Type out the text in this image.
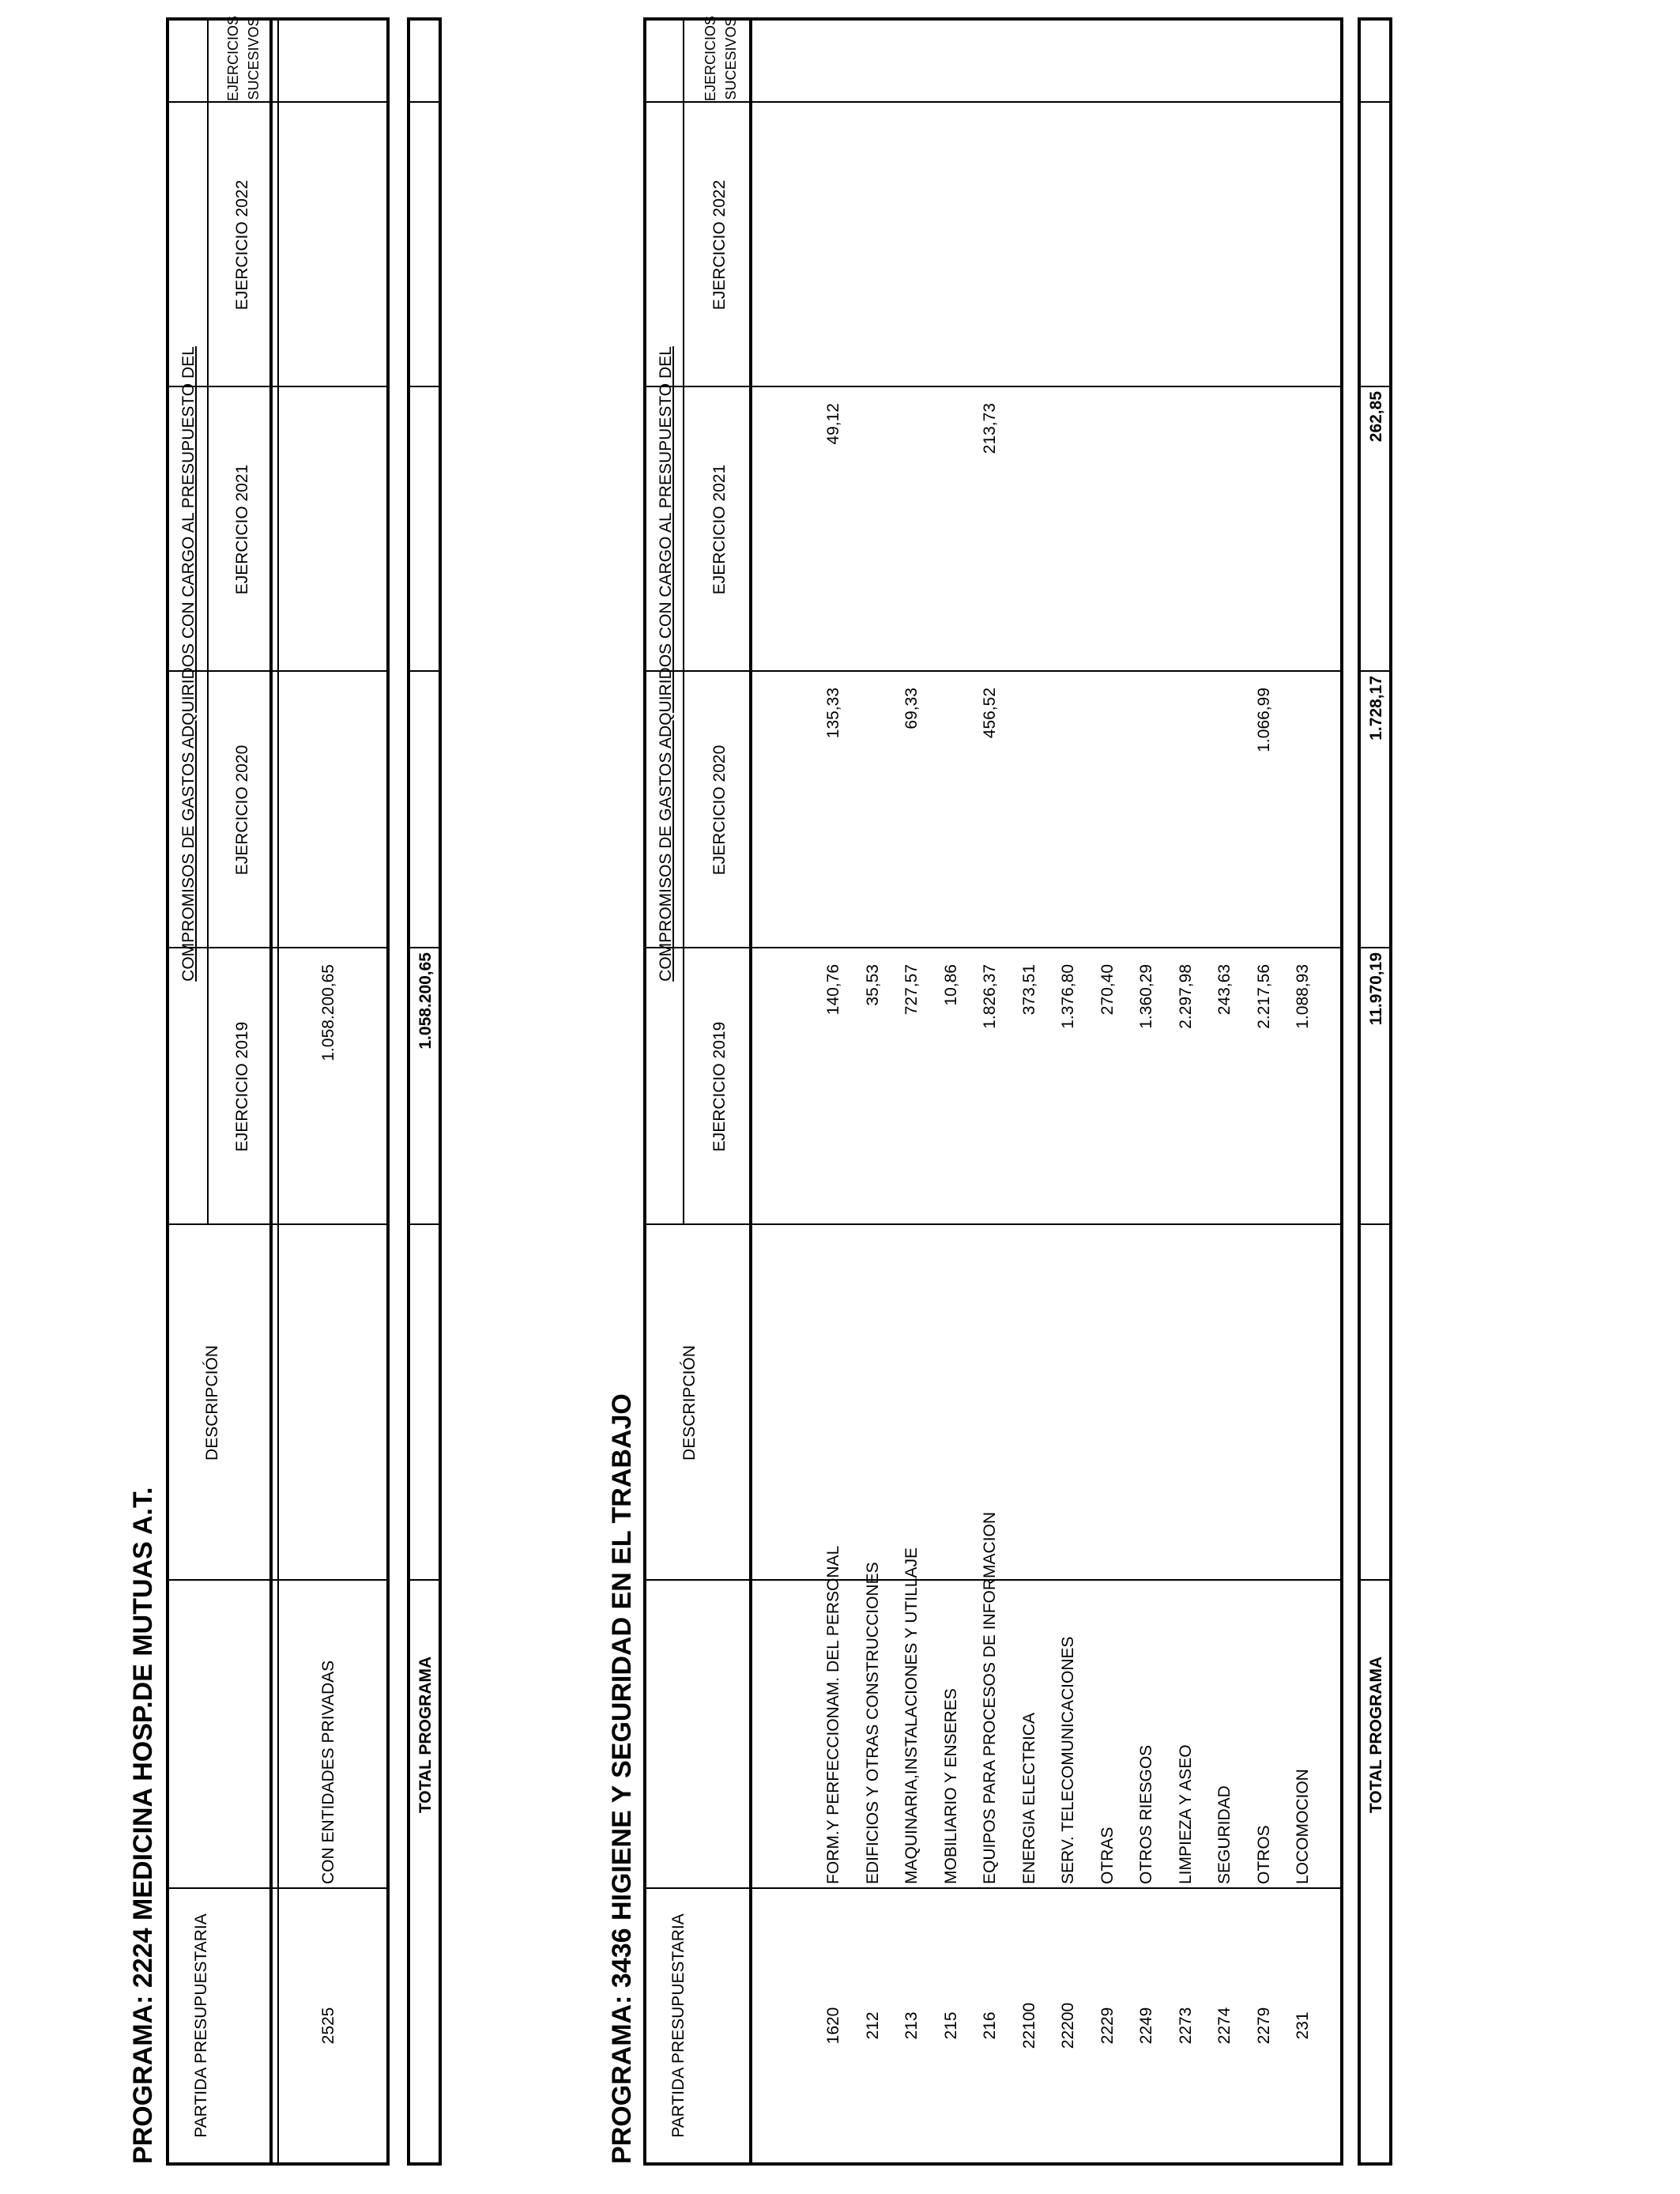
PROGRAMA: 2224 MEDICINA HOSP.DE MUTUAS A.T. PARTIDA PRESUPUESTARIA
DESCRIPCIÓN
COMPROMISOS DE GASTOS ADQUIRIDOS CON CARGO AL PRESUPUESTO DEL
EJERCICIO 2019
EJERCICIO 2020
EJERCICIO 2021
EJERCICIO 2022
EJERCICIOS SUCESIVOS
2525
CON ENTIDADES PRIVADAS
1.058.200,65
TOTAL PROGRAMA
1.058.200,65
PROGRAMA: 3436 HIGIENE Y SEGURIDAD EN EL TRABAJO PARTIDA PRESUPUESTARIA
DESCRIPCIÓN
COMPROMISOS DE GASTOS ADQUIRIDOS CON CARGO AL PRESUPUESTO DEL
EJERCICIO 2019
EJERCICIO 2020
EJERCICIO 2021
EJERCICIO 2022
EJERCICIOS SUCESIVOS
1620
FORM.Y PERFECCIONAM. DEL PERSONAL
140,76
135,33
49,12
212
EDIFICIOS Y OTRAS CONSTRUCCIONES
35,53
213
MAQUINARIA,INSTALACIONES Y UTILLAJE
727,57
69,33
215
MOBILIARIO Y ENSERES
10,86
216
EQUIPOS PARA PROCESOS DE INFORMACION
1.826,37
456,52
213,73
22100
ENERGIA ELECTRICA
373,51
22200
SERV. TELECOMUNICACIONES
1.376,80
2229
OTRAS
270,40
2249
OTROS RIESGOS
1.360,29
2273
LIMPIEZA Y ASEO
2.297,98
2274
SEGURIDAD
243,63
2279
OTROS
2.217,56
1.066,99
231
LOCOMOCION
1.088,93
TOTAL PROGRAMA
11.970,19
1.728,17
262,85
